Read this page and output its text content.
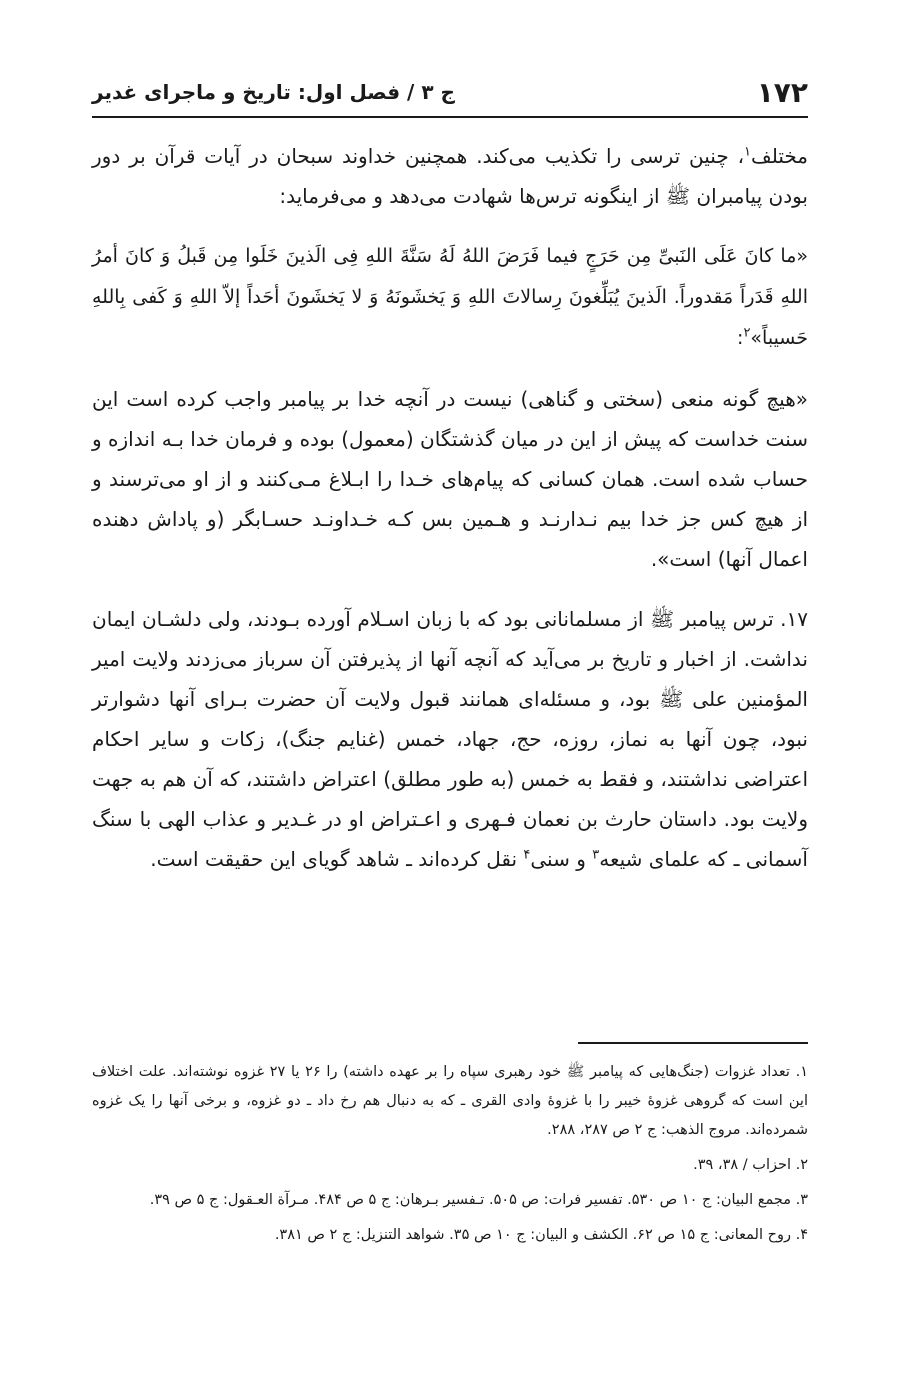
۱۷۲
ج ۳ / فصل اول: تاریخ و ماجرای غدیر

مختلف$^۱$، چنین ترسی را تکذیب می‌کند. همچنین خداوند سبحان در آیات قرآن بر دور بودن پیامبران ﷺ از اینگونه ترس‌ها شهادت می‌دهد و می‌فرماید:

«ما کانَ عَلَی النَبیِّ مِن حَرَجٍ فیما فَرَضَ اللهُ لَهُ سَنَّةَ اللهِ فِی الَذینَ خَلَوا مِن قَبلُ وَ کانَ أمرُ اللهِ قَدَراً مَقدوراً. الَذینَ یُبَلِّغونَ رِسالاتَ اللهِ وَ یَخشَونَهُ وَ لا یَخشَونَ أحَداً إلاّ اللهِ وَ کَفی بِاللهِ حَسیباً»$^۲$:

«هیچ گونه منعی (سختی و گناهی) نیست در آنچه خدا بر پیامبر واجب کرده است این سنت خداست که پیش از این در میان گذشتگان (معمول) بوده و فرمان خدا بـه اندازه و حساب شده است. همان کسانی که پیام‌های خـدا را ابـلاغ مـی‌کنند و از او می‌ترسند و از هیچ کس جز خدا بیم نـدارنـد و هـمین بس کـه خـداونـد حسـابگر (و پاداش دهنده اعمال آنها) است».

۱۷. ترس پیامبر ﷺ از مسلمانانی بود که با زبان اسـلام آورده بـودند، ولی دلشـان ایمان نداشت. از اخبار و تاریخ بر می‌آید که آنچه آنها از پذیرفتن آن سرباز می‌زدند ولایت امیر المؤمنین علی ﷺ بود، و مسئله‌ای همانند قبول ولایت آن حضرت بـرای آنها دشوارتر نبود، چون آنها به نماز، روزه، حج، جهاد، خمس (غنایم جنگ)، زکات و سایر احکام اعتراضی نداشتند، و فقط به خمس (به طور مطلق) اعتراض داشتند، که آن هم به جهت ولایت بود. داستان حارث بن نعمان فـهری و اعـتراض او در غـدیر و عذاب الهی با سنگ آسمانی ـ که علمای شیعه$^۳$ و سنی$^۴$ نقل کرده‌اند ـ شاهد گویای این حقیقت است.

۱. تعداد غزوات (جنگ‌هایی که پیامبر ﷺ خود رهبری سپاه را بر عهده داشته) را ۲۶ یا ۲۷ غزوه نوشته‌اند. علت اختلاف این است که گروهی غزوهٔ خیبر را با غزوهٔ وادی القری ـ که به دنبال هم رخ داد ـ دو غزوه، و برخی آنها را یک غزوه شمرده‌اند. مروج الذهب: ج ۲ ص ۲۸۷، ۲۸۸.

۲. احزاب / ۳۸، ۳۹.

۳. مجمع البیان: ج ۱۰ ص ۵۳۰. تفسیر فرات: ص ۵۰۵. تـفسیر بـرهان: ج ۵ ص ۴۸۴. مـرآة العـقول: ج ۵ ص ۳۹.

۴. روح المعانی: ج ۱۵ ص ۶۲. الکشف و البیان: ج ۱۰ ص ۳۵. شواهد التنزیل: ج ۲ ص ۳۸۱.
